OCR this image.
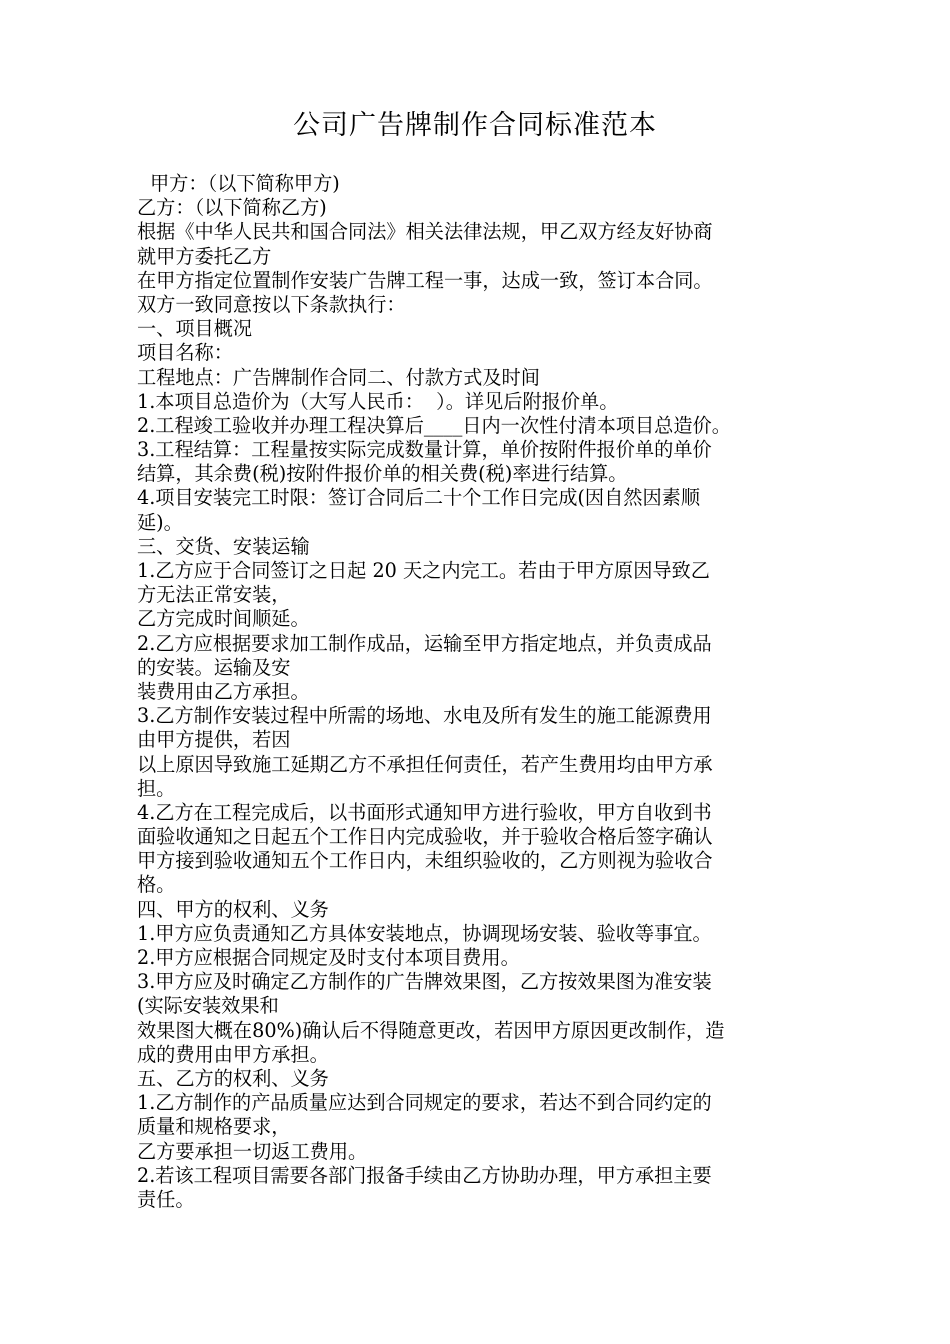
公司广告牌制作合同标准范本
甲方：（以下简称甲方)
乙方：（以下简称乙方)
根据《中华人民共和国合同法》相关法律法规，甲乙双方经友好协商
就甲方委托乙方
在甲方指定位置制作安装广告牌工程一事，达成一致，签订本合同。
双方一致同意按以下条款执行：
一、项目概况
项目名称：
工程地点：广告牌制作合同二、付款方式及时间
1.本项目总造价为（大写人民币：  ）。详见后附报价单。
2.工程竣工验收并办理工程决算后____日内一次性付清本项目总造价。
3.工程结算：工程量按实际完成数量计算，单价按附件报价单的单价
结算，其余费(税)按附件报价单的相关费(税)率进行结算。
4.项目安装完工时限：签订合同后二十个工作日完成(因自然因素顺
延)。
三、交货、安装运输
1.乙方应于合同签订之日起 20 天之内完工。若由于甲方原因导致乙
方无法正常安装，
乙方完成时间顺延。
2.乙方应根据要求加工制作成品，运输至甲方指定地点，并负责成品
的安装。运输及安
装费用由乙方承担。
3.乙方制作安装过程中所需的场地、水电及所有发生的施工能源费用
由甲方提供，若因
以上原因导致施工延期乙方不承担任何责任，若产生费用均由甲方承
担。
4.乙方在工程完成后，以书面形式通知甲方进行验收，甲方自收到书
面验收通知之日起五个工作日内完成验收，并于验收合格后签字确认
甲方接到验收通知五个工作日内，未组织验收的，乙方则视为验收合
格。
四、甲方的权利、义务
1.甲方应负责通知乙方具体安装地点，协调现场安装、验收等事宜。
2.甲方应根据合同规定及时支付本项目费用。
3.甲方应及时确定乙方制作的广告牌效果图，乙方按效果图为准安装
(实际安装效果和
效果图大概在80%)确认后不得随意更改，若因甲方原因更改制作，造
成的费用由甲方承担。
五、乙方的权利、义务
1.乙方制作的产品质量应达到合同规定的要求，若达不到合同约定的
质量和规格要求，
乙方要承担一切返工费用。
2.若该工程项目需要各部门报备手续由乙方协助办理，甲方承担主要
责任。
